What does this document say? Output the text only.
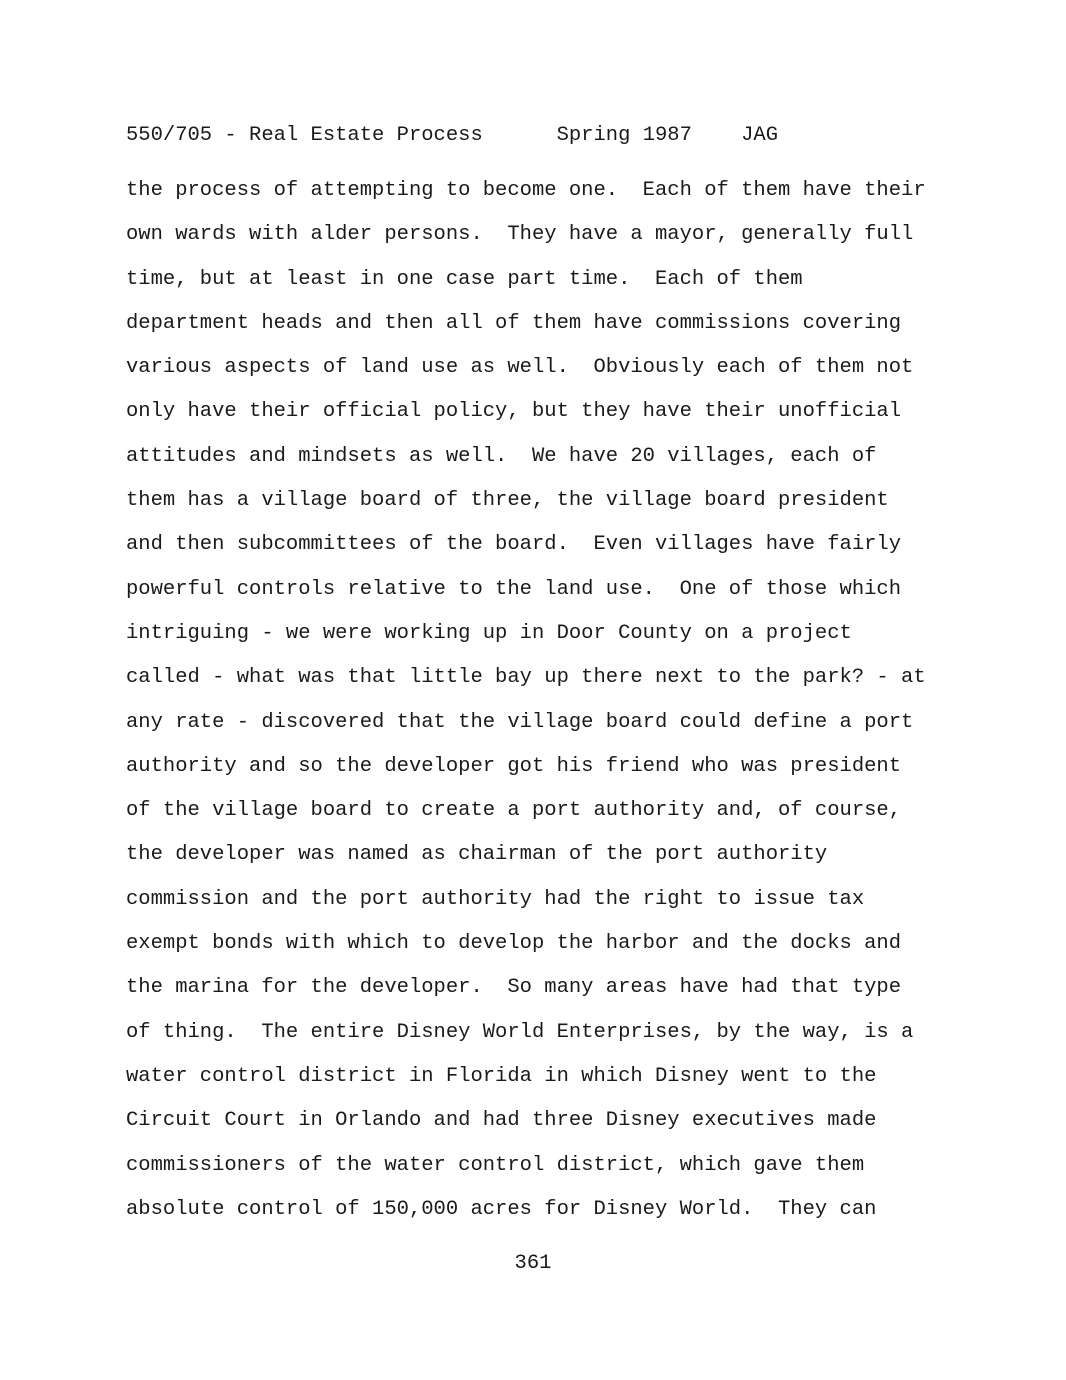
550/705 - Real Estate Process	Spring 1987 JAG
the process of attempting to become one.  Each of them have their
own wards with alder persons.  They have a mayor, generally full
time, but at least in one case part time.  Each of them
department heads and then all of them have commissions covering
various aspects of land use as well.  Obviously each of them not
only have their official policy, but they have their unofficial
attitudes and mindsets as well.  We have 20 villages, each of
them has a village board of three, the village board president
and then subcommittees of the board.  Even villages have fairly
powerful controls relative to the land use.  One of those which
intriguing - we were working up in Door County on a project
called - what was that little bay up there next to the park? - at
any rate - discovered that the village board could define a port
authority and so the developer got his friend who was president
of the village board to create a port authority and, of course,
the developer was named as chairman of the port authority
commission and the port authority had the right to issue tax
exempt bonds with which to develop the harbor and the docks and
the marina for the developer.  So many areas have had that type
of thing.  The entire Disney World Enterprises, by the way, is a
water control district in Florida in which Disney went to the
Circuit Court in Orlando and had three Disney executives made
commissioners of the water control district, which gave them
absolute control of 150,000 acres for Disney World.  They can
361
